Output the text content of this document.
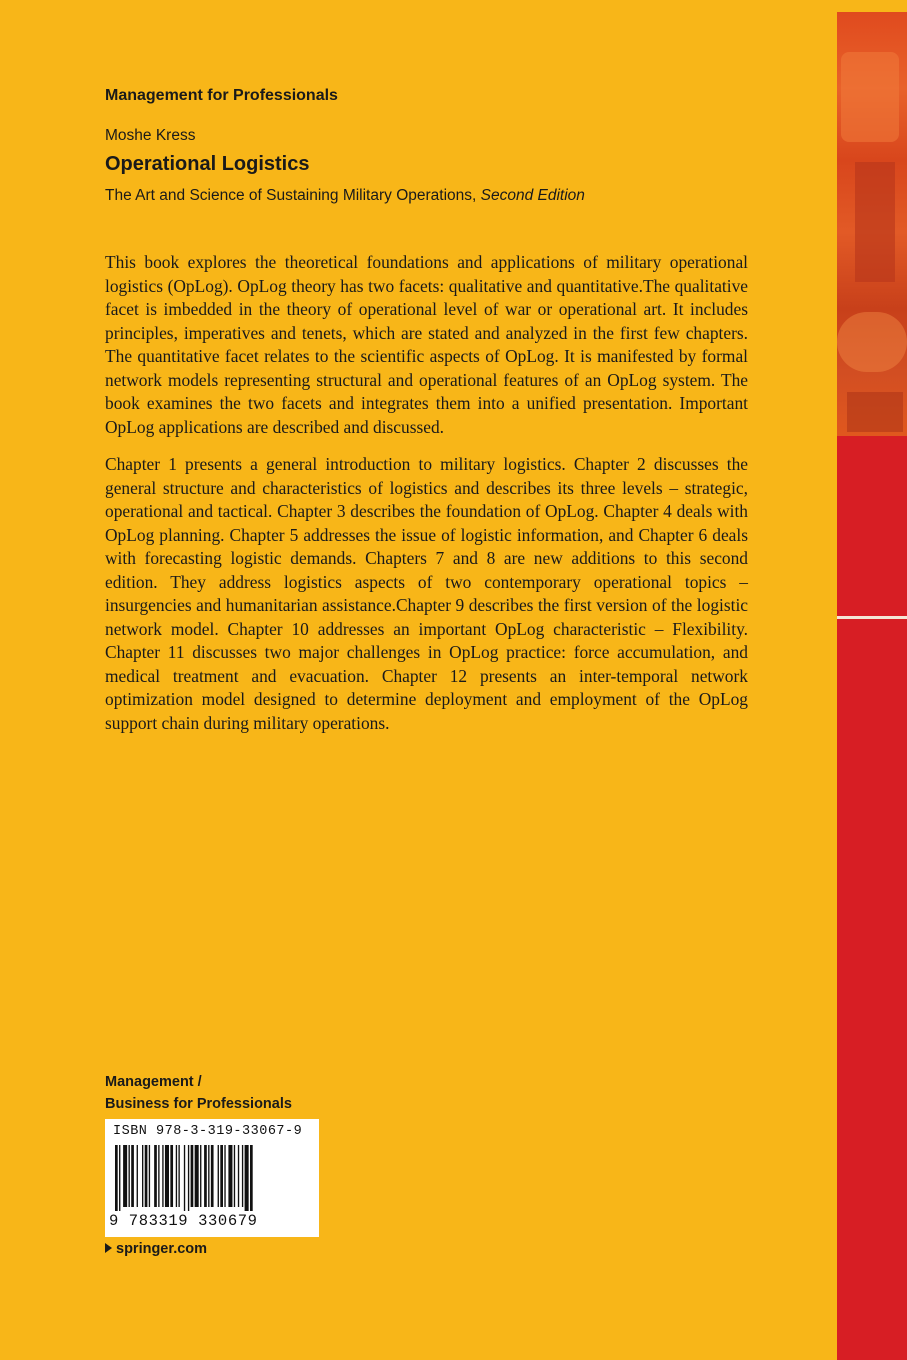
Management for Professionals
Moshe Kress
Operational Logistics
The Art and Science of Sustaining Military Operations, Second Edition

This book explores the theoretical foundations and applications of military operational logistics (OpLog). OpLog theory has two facets: qualitative and quantitative.The qualitative facet is imbedded in the theory of operational level of war or operational art. It includes principles, imperatives and tenets, which are stated and analyzed in the first few chapters. The quantitative facet relates to the scientific aspects of OpLog. It is manifested by formal network models representing structural and operational features of an OpLog system. The book examines the two facets and integrates them into a unified presentation. Important OpLog applications are described and discussed.

Chapter 1 presents a general introduction to military logistics. Chapter 2 discusses the general structure and characteristics of logistics and describes its three levels – strategic, operational and tactical. Chapter 3 describes the foundation of OpLog. Chapter 4 deals with OpLog planning. Chapter 5 addresses the issue of logistic information, and Chapter 6 deals with forecasting logistic demands. Chapters 7 and 8 are new additions to this second edition. They address logistics aspects of two contemporary operational topics – insurgencies and humanitarian assistance.Chapter 9 describes the first version of the logistic network model. Chapter 10 addresses an important OpLog characteristic – Flexibility. Chapter 11 discusses two major challenges in OpLog practice: force accumulation, and medical treatment and evacuation. Chapter 12 presents an inter-temporal network optimization model designed to determine deployment and employment of the OpLog support chain during military operations.

Management /
Business for Professionals
ISBN 978-3-319-33067-9
9 783319 330679
springer.com
